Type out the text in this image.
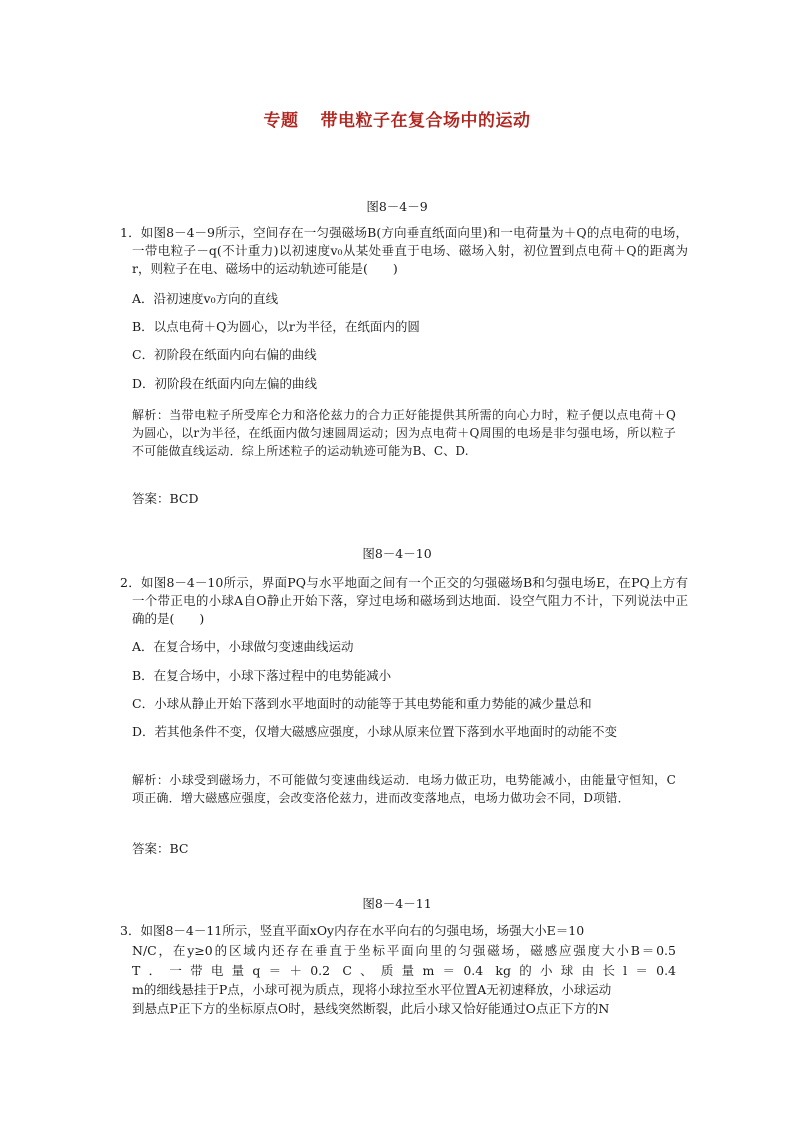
专题 带电粒子在复合场中的运动
图8－4－9
1．如图8－4－9所示，空间存在一匀强磁场B(方向垂直纸面向里)和一电荷量为＋Q的点电荷的电场，一带电粒子－q(不计重力)以初速度v₀从某处垂直于电场、磁场入射，初位置到点电荷＋Q的距离为r，则粒子在电、磁场中的运动轨迹可能是(　　)
A．沿初速度v₀方向的直线
B．以点电荷＋Q为圆心，以r为半径，在纸面内的圆
C．初阶段在纸面内向右偏的曲线
D．初阶段在纸面内向左偏的曲线
解析：当带电粒子所受库仑力和洛伦兹力的合力正好能提供其所需的向心力时，粒子便以点电荷＋Q为圆心，以r为半径，在纸面内做匀速圆周运动；因为点电荷＋Q周围的电场是非匀强电场，所以粒子不可能做直线运动．综上所述粒子的运动轨迹可能为B、C、D.
答案：BCD
图8－4－10
2．如图8－4－10所示，界面PQ与水平地面之间有一个正交的匀强磁场B和匀强电场E，在PQ上方有一个带正电的小球A自O静止开始下落，穿过电场和磁场到达地面．设空气阻力不计，下列说法中正确的是(　　)
A．在复合场中，小球做匀变速曲线运动
B．在复合场中，小球下落过程中的电势能减小
C．小球从静止开始下落到水平地面时的动能等于其电势能和重力势能的减少量总和
D．若其他条件不变，仅增大磁感应强度，小球从原来位置下落到水平地面时的动能不变
解析：小球受到磁场力，不可能做匀变速曲线运动．电场力做正功，电势能减小，由能量守恒知，C项正确．增大磁感应强度，会改变洛伦兹力，进而改变落地点，电场力做功会不同，D项错．
答案：BC
图8－4－11
3．如图8－4－11所示，竖直平面xOy内存在水平向右的匀强电场，场强大小E＝10
N/C，在y≥0的区域内还存在垂直于坐标平面向里的匀强磁场，磁感应强度大小B＝0.5
T．一带电量q＝＋0.2 C、质量m＝0.4 kg的小球由长l＝0.4
m的细线悬挂于P点，小球可视为质点，现将小球拉至水平位置A无初速释放，小球运动
到悬点P正下方的坐标原点O时，悬线突然断裂，此后小球又恰好能通过O点正下方的N
